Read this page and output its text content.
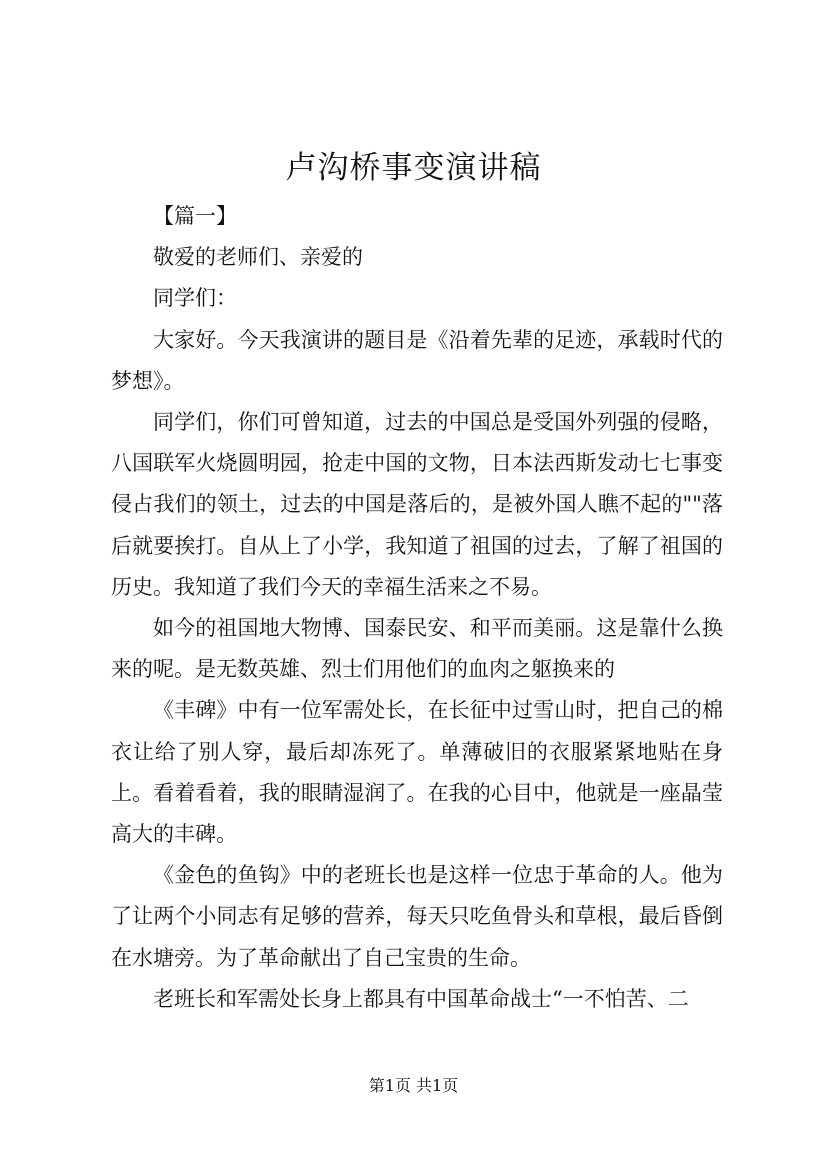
卢沟桥事变演讲稿

【篇一】

敬爱的老师们、亲爱的

同学们：

大家好。今天我演讲的题目是《沿着先辈的足迹，承载时代的梦想》。

同学们，你们可曾知道，过去的中国总是受国外列强的侵略，八国联军火烧圆明园，抢走中国的文物，日本法西斯发动七七事变侵占我们的领土，过去的中国是落后的，是被外国人瞧不起的""落后就要挨打。自从上了小学，我知道了祖国的过去，了解了祖国的历史。我知道了我们今天的幸福生活来之不易。

如今的祖国地大物博、国泰民安、和平而美丽。这是靠什么换来的呢。是无数英雄、烈士们用他们的血肉之躯换来的

《丰碑》中有一位军需处长，在长征中过雪山时，把自己的棉衣让给了别人穿，最后却冻死了。单薄破旧的衣服紧紧地贴在身上。看着看着，我的眼睛湿润了。在我的心目中，他就是一座晶莹高大的丰碑。

《金色的鱼钩》中的老班长也是这样一位忠于革命的人。他为了让两个小同志有足够的营养，每天只吃鱼骨头和草根，最后昏倒在水塘旁。为了革命献出了自己宝贵的生命。

老班长和军需处长身上都具有中国革命战士“一不怕苦、二

第1页 共1页
